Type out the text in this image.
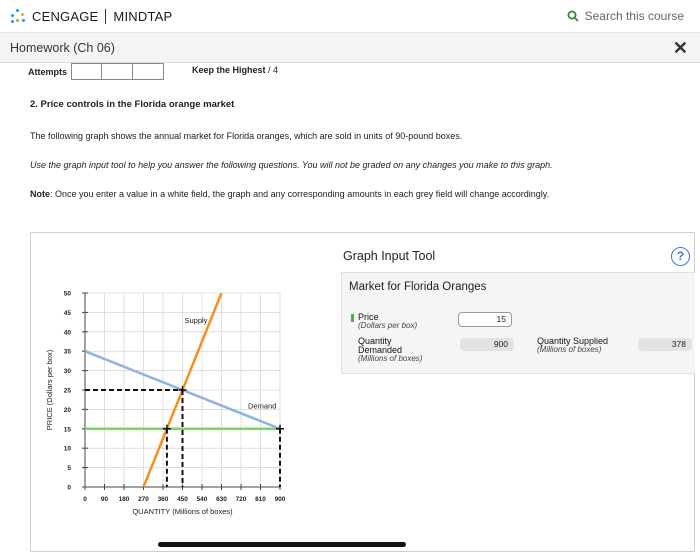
CENGAGE MINDTAP	Search this course
Homework (Ch 06)	✕
Attempts	Keep the Highest / 4
2. Price controls in the Florida orange market
The following graph shows the annual market for Florida oranges, which are sold in units of 90-pound boxes.
Use the graph input tool to help you answer the following questions. You will not be graded on any changes you make to this graph.
Note: Once you enter a value in a white field, the graph and any corresponding amounts in each grey field will change accordingly.
0
5
10
15
20
25
30
35
40
45
50
0 90 180 270 360 450 540 630 720 810 900
QUANTITY (Millions of boxes)
PRICE (Dollars per box)
Supply
Demand
Graph Input Tool	?
Market for Florida Oranges
Price
(Dollars per box)
15
Quantity
Demanded
(Millions of boxes)
900	Quantity Supplied
(Millions of boxes)
378
